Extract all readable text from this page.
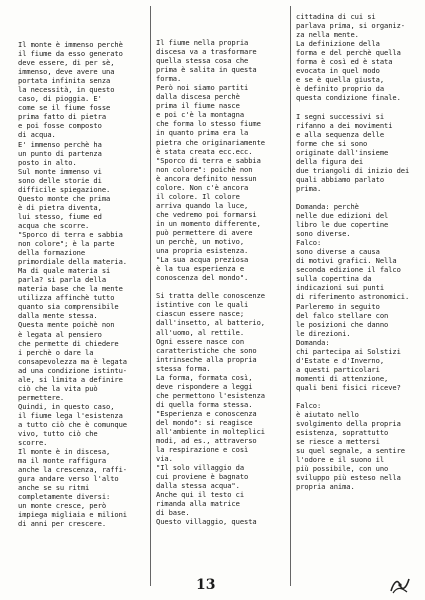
Il monte è immenso perchè
il fiume da esso generato
deve essere, di per sè,
immenso, deve avere una
portata infinita senza
la necessità, in questo
caso, di pioggia. E'
come se il fiume fosse
prima fatto di pietra
e poi fosse composto
di acqua.
E' immenso perchè ha
un punto di partenza
posto in alto.
Sul monte immenso vi
sono delle storie di
difficile spiegazione.
Questo monte che prima
è di pietra diventa,
lui stesso, fiume ed
acqua che scorre.
"Sporco di terra e sabbia
non colore"; è la parte
della formazione
primordiale della materia.
Ma di quale materia si
parla? si parla della
materia base che la mente
utilizza affinchè tutto
quanto sia comprensibile
dalla mente stessa.
Questa mente poichè non
è legata al pensiero
che permette di chiedere
i perchè o dare la
consapevolezza ma è legata
ad una condizione istintu-
ale, si limita a definire
ciò che la vita può
permettere.
Quindi, in questo caso,
il fiume lega l'esistenza
a tutto ciò che è comunque
vivo, tutto ciò che
scorre.
Il monte è in discesa,
ma il monte raffigura
anche la crescenza, raffi-
gura andare verso l'alto
anche se su ritmi
completamente diversi:
un monte cresce, però
impiega migliaia e milioni
di anni per crescere.
Il fiume nella propria
discesa va a trasformare
quella stessa cosa che
prima è salita in questa
forma.
Però noi siamo partiti
dalla discesa perchè
prima il fiume nasce
e poi c'è la montagna
che forma lo stesso fiume
in quanto prima era la
pietra che originariamente
è stata creata ecc.ecc.
"Sporco di terra e sabbia
non colore": poichè non
è ancora definito nessun
colore. Non c'è ancora
il colore. Il colore
arriva quando la luce,
che vedremo poi formarsi
in un momento differente,
può permettere di avere
un perchè, un motivo,
una propria esistenza.
"La sua acqua preziosa
è la tua esperienza e
conoscenza del mondo".

Si tratta delle conoscenze
istintive con le quali
ciascun essere nasce;
dall'insetto, al batterio,
all'uomo, al rettile.
Ogni essere nasce con
caratteristiche che sono
intrinseche alla propria
stessa forma.
La forma, formata così,
deve rispondere a leggi
che permettono l'esistenza
di quella forma stessa.
"Esperienza e conoscenza
del mondo": si reagisce
all'ambiente in molteplici
modi, ad es., attraverso
la respirazione e così
via.
"Il solo villaggio da
cui proviene è bagnato
dalla stessa acqua".
Anche qui il testo ci
rimanda alla matrice
di base.
Questo villaggio, questa
cittadina di cui si
parlava prima, si organiz-
za nella mente.
La definizione della
forma e del perchè quella
forma è così ed è stata
evocata in quel modo
e se è quella giusta,
è definito proprio da
questa condizione finale.

I segni successivi si
rifanno a dei movimenti
e alla sequenza delle
forme che si sono
originate dall'insieme
della figura dei
due triangoli di inizio dei
quali abbiamo parlato
prima.

Domanda: perchè
nelle due edizioni del
libro le due copertine
sono diverse.
Falco:
sono diverse a causa
di motivi grafici. Nella
seconda edizione il falco
sulla copertina da
indicazioni sui punti
di riferimento astronomici.
Parleremo in seguito
del falco stellare con
le posizioni che danno
le direzioni.
Domanda:
chi partecipa ai Solstizi
d'Estate e d'Inverno,
a questi particolari
momenti di attenzione,
quali beni fisici riceve?

Falco:
è aiutato nello
svolgimento della propria
esistenza, soprattutto
se riesce a mettersi
su quel segnale, a sentire
l'odore e il suono il
più possibile, con uno
sviluppo più esteso nella
propria anima.
13
